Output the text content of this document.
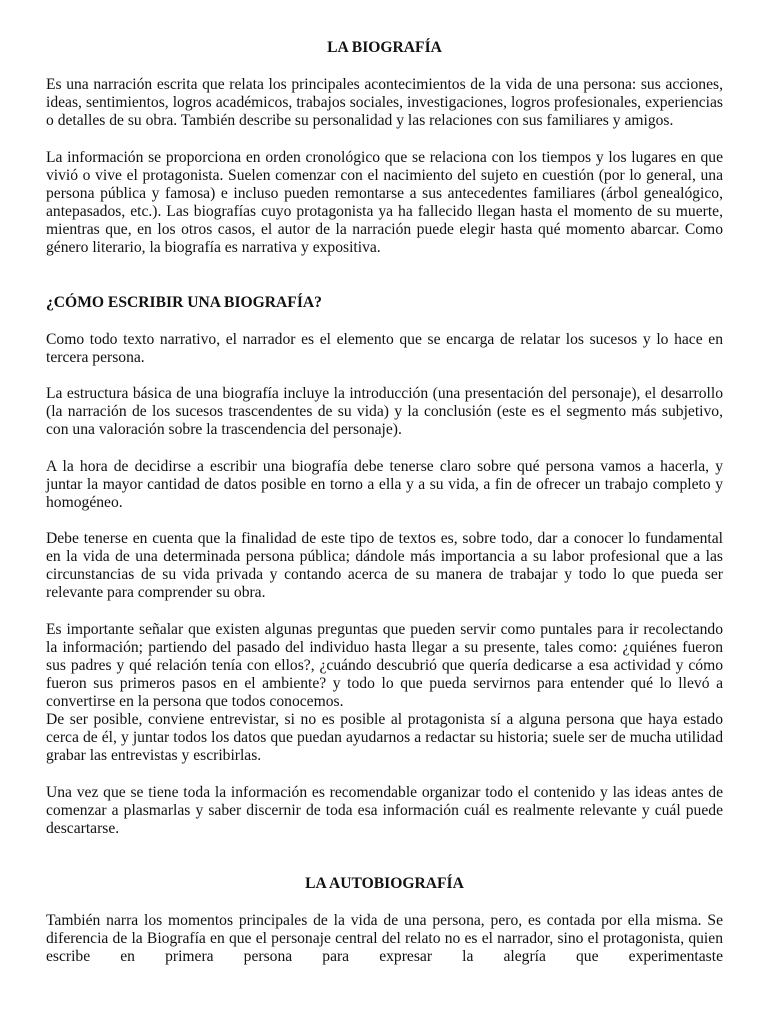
LA BIOGRAFÍA

Es una narración escrita que relata los principales acontecimientos de la vida de una persona: sus acciones, ideas, sentimientos, logros académicos, trabajos sociales, investigaciones, logros profesionales, experiencias o detalles de su obra. También describe su personalidad y las relaciones con sus familiares y amigos.

La información se proporciona en orden cronológico que se relaciona con los tiempos y los lugares en que vivió o vive el protagonista. Suelen comenzar con el nacimiento del sujeto en cuestión (por lo general, una persona pública y famosa) e incluso pueden remontarse a sus antecedentes familiares (árbol genealógico, antepasados, etc.). Las biografías cuyo protagonista ya ha fallecido llegan hasta el momento de su muerte, mientras que, en los otros casos, el autor de la narración puede elegir hasta qué momento abarcar. Como género literario, la biografía es narrativa y expositiva.

¿CÓMO ESCRIBIR UNA BIOGRAFÍA?

Como todo texto narrativo, el narrador es el elemento que se encarga de relatar los sucesos y lo hace en tercera persona.

La estructura básica de una biografía incluye la introducción (una presentación del personaje), el desarrollo (la narración de los sucesos trascendentes de su vida) y la conclusión (este es el segmento más subjetivo, con una valoración sobre la trascendencia del personaje).

A la hora de decidirse a escribir una biografía debe tenerse claro sobre qué persona vamos a hacerla, y juntar la mayor cantidad de datos posible en torno a ella y a su vida, a fin de ofrecer un trabajo completo y homogéneo.

Debe tenerse en cuenta que la finalidad de este tipo de textos es, sobre todo, dar a conocer lo fundamental en la vida de una determinada persona pública; dándole más importancia a su labor profesional que a las circunstancias de su vida privada y contando acerca de su manera de trabajar y todo lo que pueda ser relevante para comprender su obra.

Es importante señalar que existen algunas preguntas que pueden servir como puntales para ir recolectando la información; partiendo del pasado del individuo hasta llegar a su presente, tales como: ¿quiénes fueron sus padres y qué relación tenía con ellos?, ¿cuándo descubrió que quería dedicarse a esa actividad y cómo fueron sus primeros pasos en el ambiente? y todo lo que pueda servirnos para entender qué lo llevó a convertirse en la persona que todos conocemos.

De ser posible, conviene entrevistar, si no es posible al protagonista sí a alguna persona que haya estado cerca de él, y juntar todos los datos que puedan ayudarnos a redactar su historia; suele ser de mucha utilidad grabar las entrevistas y escribirlas.

Una vez que se tiene toda la información es recomendable organizar todo el contenido y las ideas antes de comenzar a plasmarlas y saber discernir de toda esa información cuál es realmente relevante y cuál puede descartarse.

LA AUTOBIOGRAFÍA

También narra los momentos principales de la vida de una persona, pero, es contada por ella misma. Se diferencia de la Biografía en que el personaje central del relato no es el narrador, sino el protagonista, quien escribe en primera persona para expresar la alegría que experimentaste
